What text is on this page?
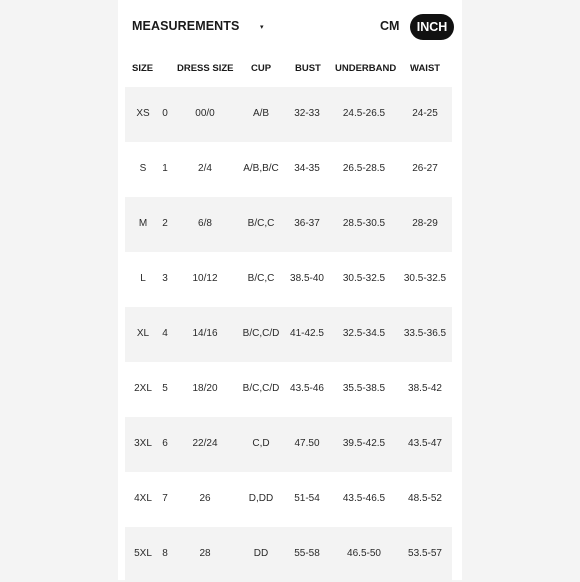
MEASUREMENTS	▾	CM	INCH
SIZE	DRESS SIZE CUP	BUST UNDERBAND WAIST
XS 0	00/0	A/B	32-33 24.5-26.5	24-25
S 1	2/4	A/B,B/C 34-35 26.5-28.5	26-27
M 2	6/8	B/C,C 36-37 28.5-30.5	28-29
L 3 10/12	B/C,C 38.5-40 30.5-32.5 30.5-32.5
XL 4 14/16	B/C,C/D 41-42.5 32.5-34.5 33.5-36.5
2XL 5 18/20	B/C,C/D 43.5-46 35.5-38.5 38.5-42
3XL 6 22/24	C,D 47.50 39.5-42.5 43.5-47
4XL 7	26	D,DD 51-54 43.5-46.5 48.5-52
5XL 8	28	DD	55-58	46.5-50	53.5-57
